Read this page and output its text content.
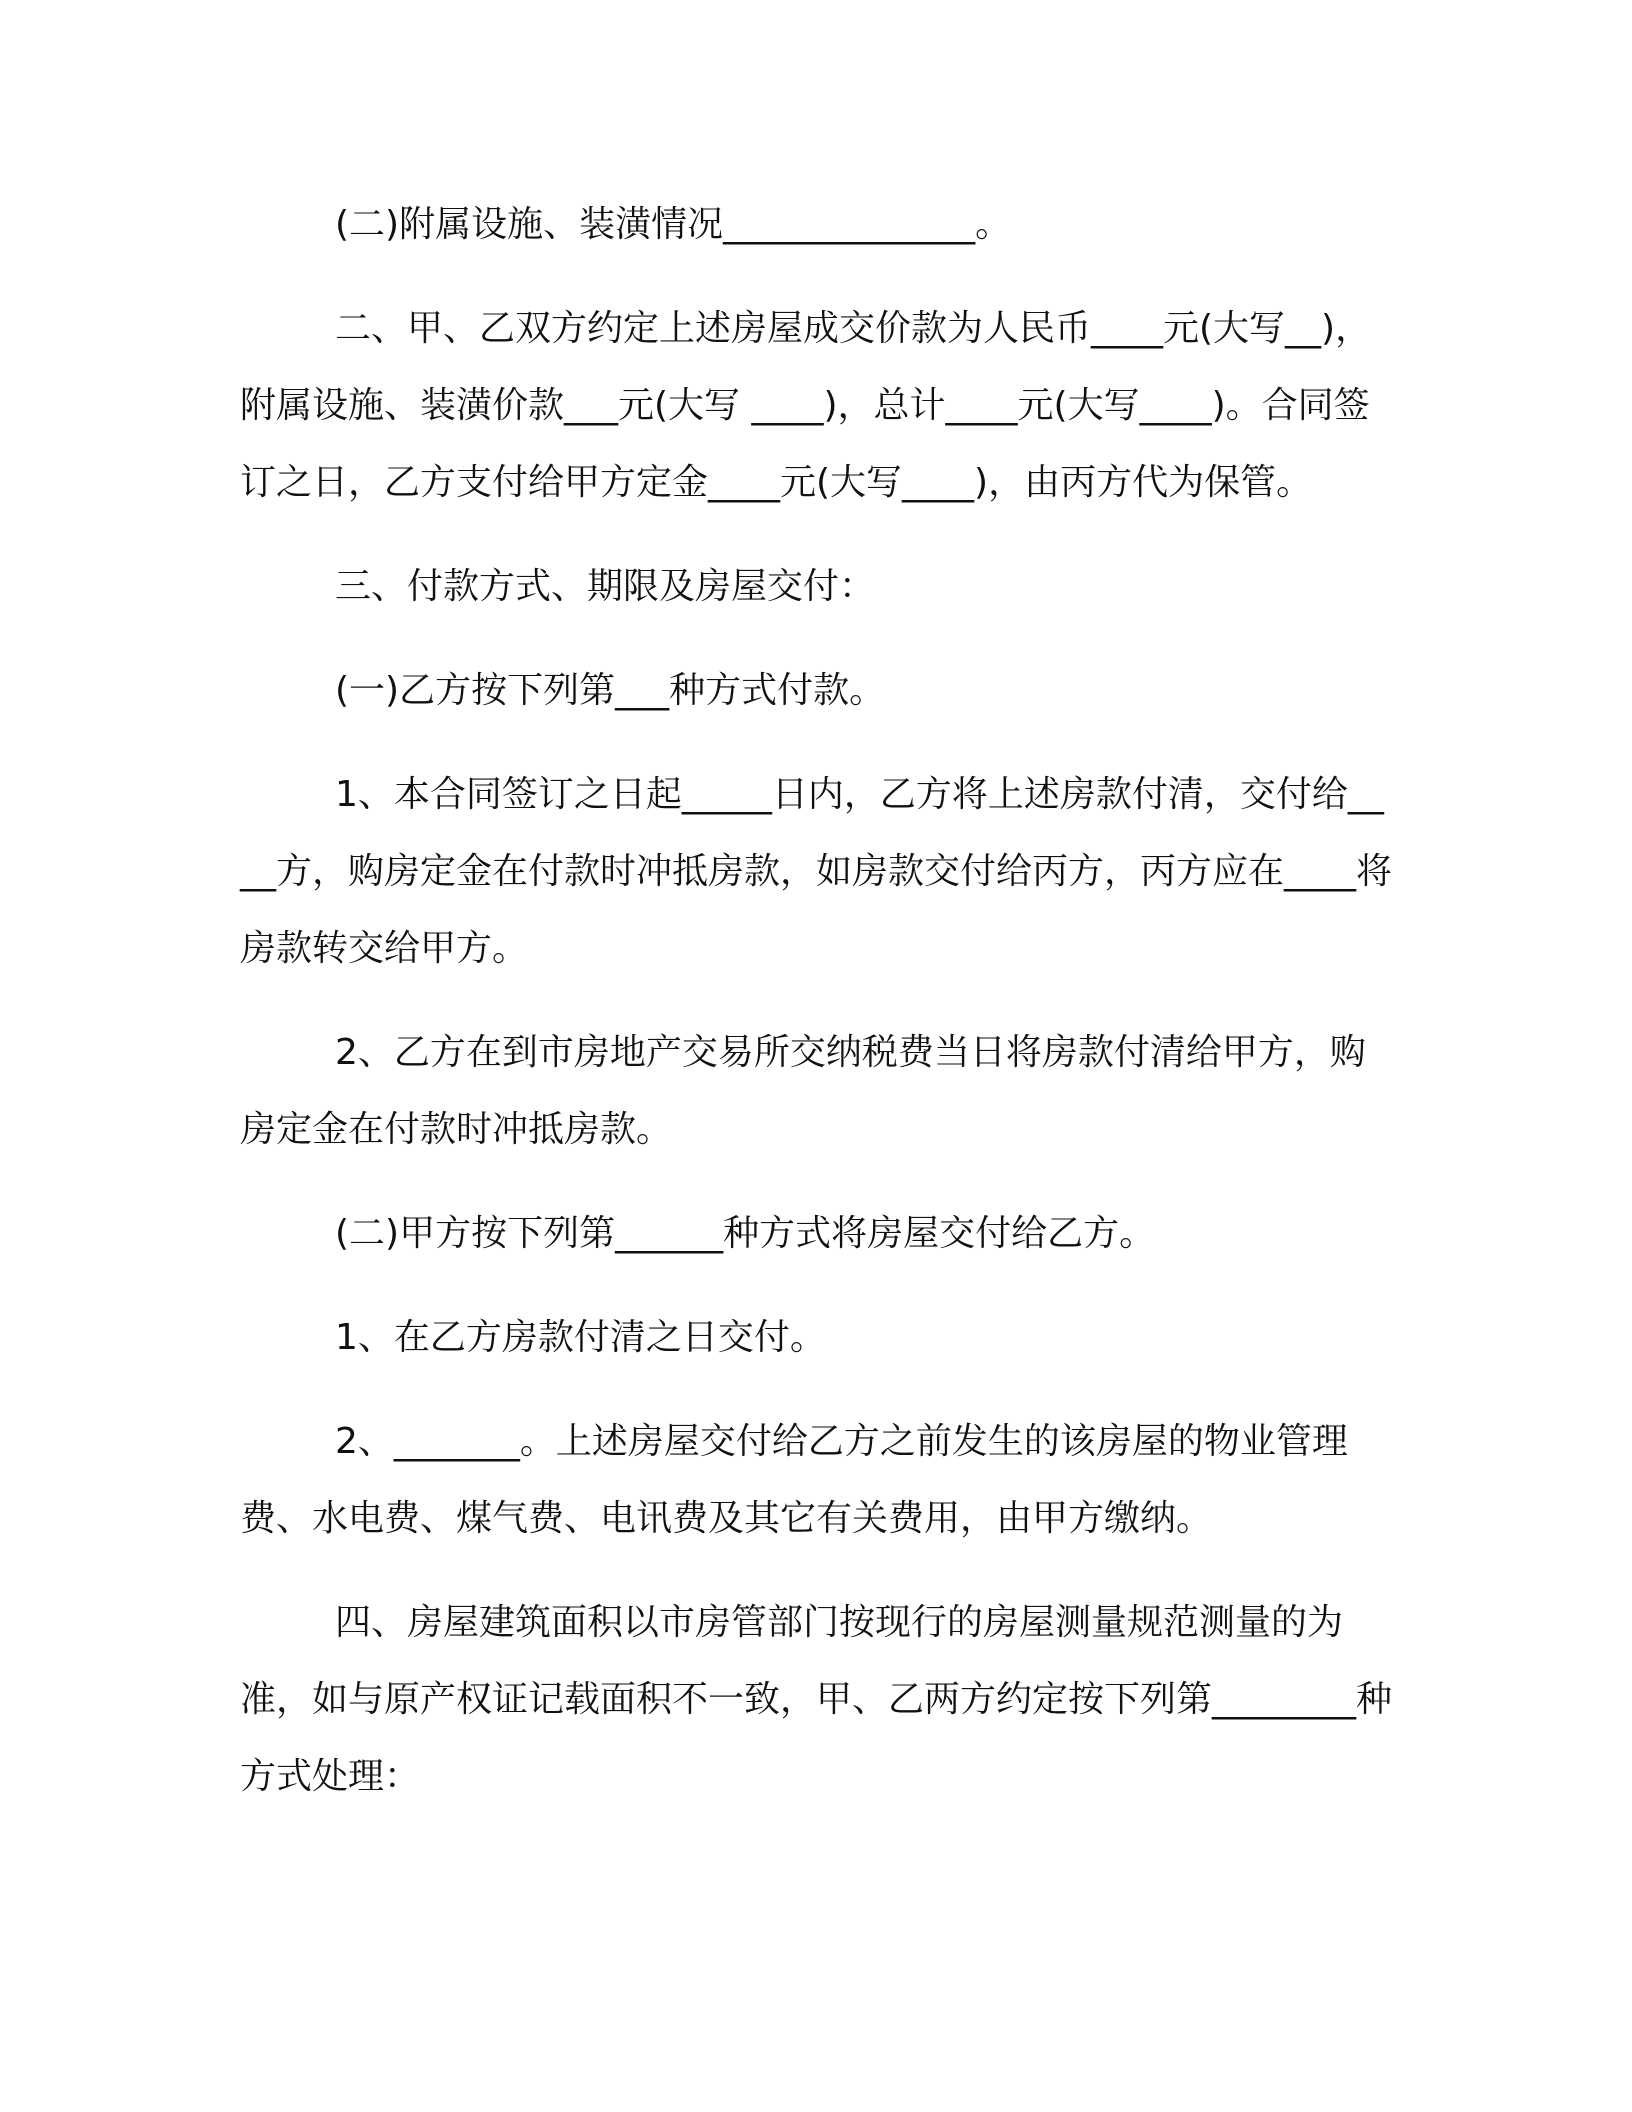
(二)附属设施、装潢情况______________。

二、甲、乙双方约定上述房屋成交价款为人民币____元(大写__)，附属设施、装潢价款___元(大写 ____)，总计____元(大写____)。合同签订之日，乙方支付给甲方定金____元(大写____)，由丙方代为保管。

三、付款方式、期限及房屋交付：

(一)乙方按下列第___种方式付款。

1、本合同签订之日起_____日内，乙方将上述房款付清，交付给____方，购房定金在付款时冲抵房款，如房款交付给丙方，丙方应在____将房款转交给甲方。

2、乙方在到市房地产交易所交纳税费当日将房款付清给甲方，购房定金在付款时冲抵房款。

(二)甲方按下列第______种方式将房屋交付给乙方。

1、在乙方房款付清之日交付。

2、_______。上述房屋交付给乙方之前发生的该房屋的物业管理费、水电费、煤气费、电讯费及其它有关费用，由甲方缴纳。

四、房屋建筑面积以市房管部门按现行的房屋测量规范测量的为准，如与原产权证记载面积不一致，甲、乙两方约定按下列第________种方式处理：
